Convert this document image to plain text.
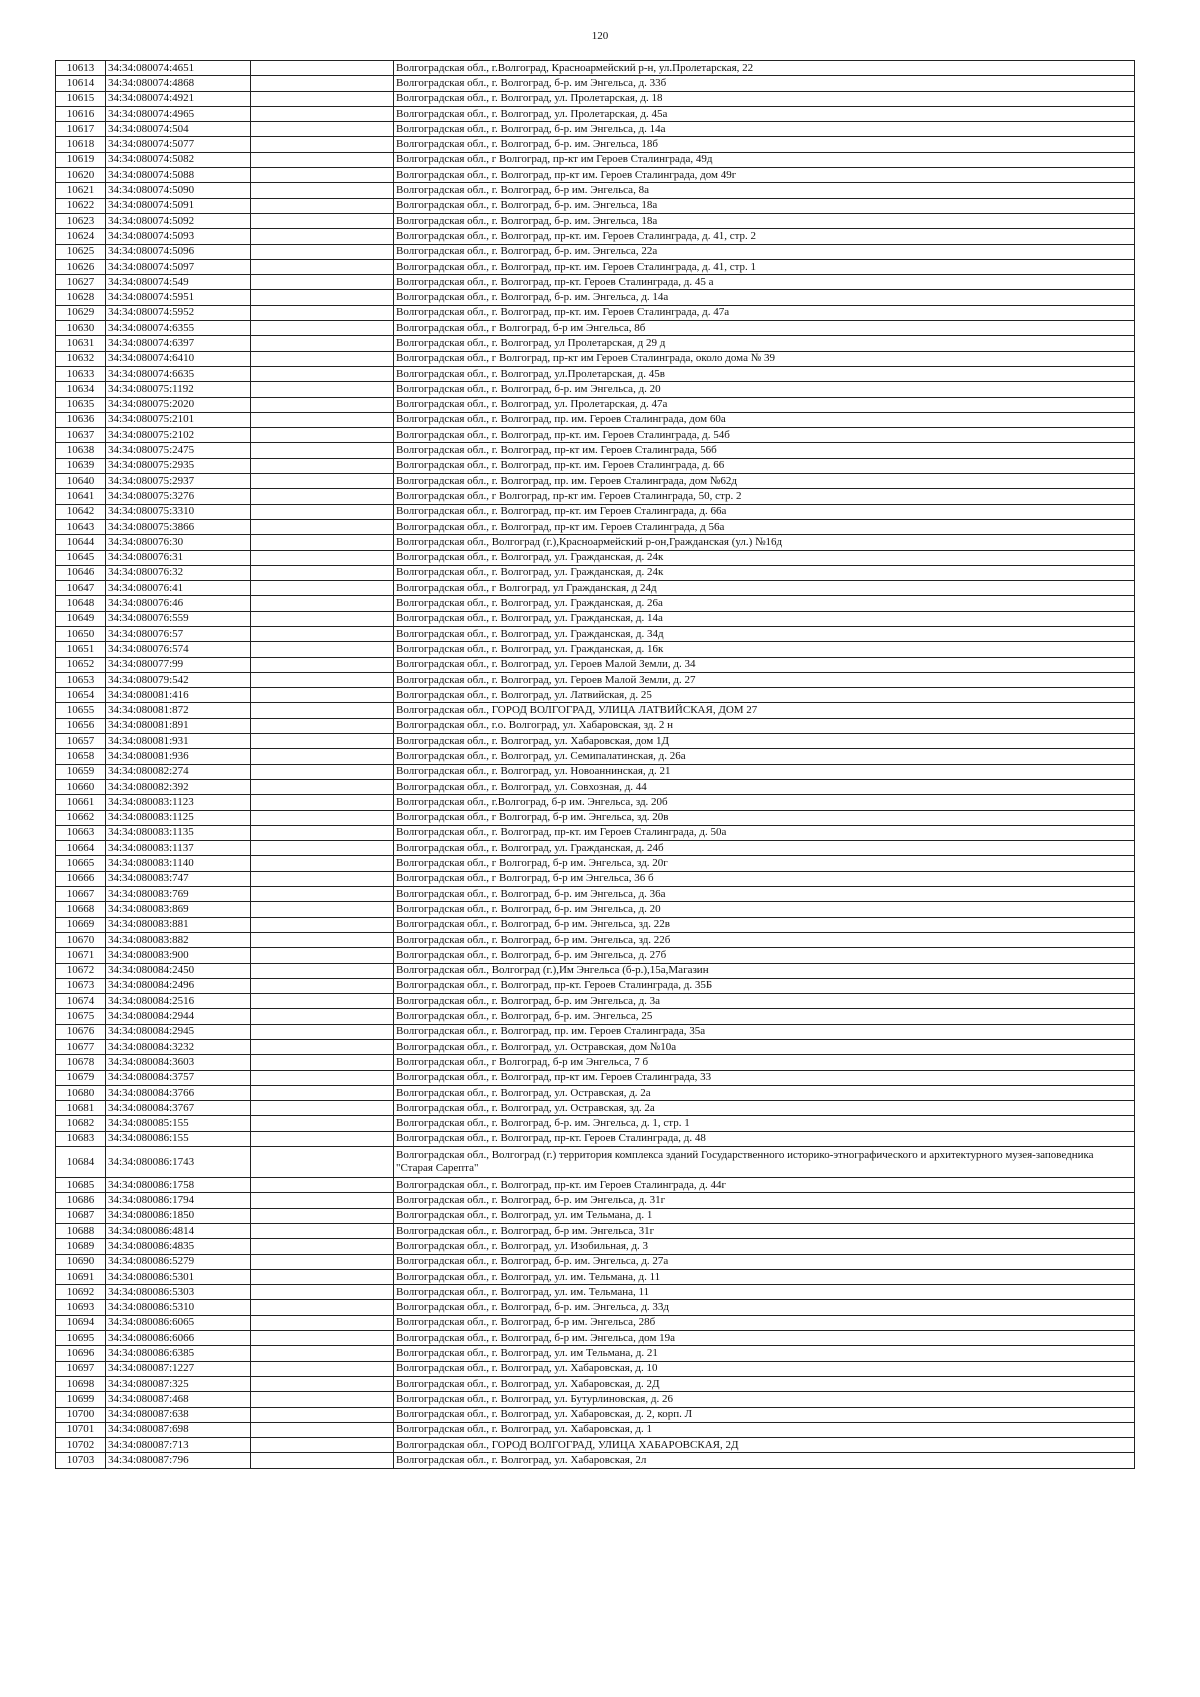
120
10613	34:34:080074:4651		Волгоградская обл., г.Волгоград, Красноармейский р-н, ул.Пролетарская, 22
10614	34:34:080074:4868		Волгоградская обл., г. Волгоград, б-р. им Энгельса, д. 33б
10615	34:34:080074:4921		Волгоградская обл., г. Волгоград, ул. Пролетарская, д. 18
10616	34:34:080074:4965		Волгоградская обл., г. Волгоград, ул. Пролетарская, д. 45а
10617	34:34:080074:504		Волгоградская обл., г. Волгоград, б-р. им Энгельса, д. 14а
10618	34:34:080074:5077		Волгоградская обл., г. Волгоград, б-р. им. Энгельса, 18б
10619	34:34:080074:5082		Волгоградская обл., г Волгоград, пр-кт им Героев Сталинграда, 49д
10620	34:34:080074:5088		Волгоградская обл., г. Волгоград, пр-кт им. Героев Сталинграда, дом 49г
10621	34:34:080074:5090		Волгоградская обл., г. Волгоград, б-р им. Энгельса, 8а
10622	34:34:080074:5091		Волгоградская обл., г. Волгоград, б-р. им. Энгельса, 18а
10623	34:34:080074:5092		Волгоградская обл., г. Волгоград, б-р. им. Энгельса, 18а
10624	34:34:080074:5093		Волгоградская обл., г. Волгоград, пр-кт. им. Героев Сталинграда, д. 41, стр. 2
10625	34:34:080074:5096		Волгоградская обл., г. Волгоград, б-р. им. Энгельса, 22а
10626	34:34:080074:5097		Волгоградская обл., г. Волгоград, пр-кт. им. Героев Сталинграда, д. 41, стр. 1
10627	34:34:080074:549		Волгоградская обл., г. Волгоград, пр-кт. Героев Сталинграда, д. 45 а
10628	34:34:080074:5951		Волгоградская обл., г. Волгоград, б-р. им. Энгельса, д. 14а
10629	34:34:080074:5952		Волгоградская обл., г. Волгоград, пр-кт. им. Героев Сталинграда, д. 47а
10630	34:34:080074:6355		Волгоградская обл., г Волгоград, б-р им Энгельса, 8б
10631	34:34:080074:6397		Волгоградская обл., г. Волгоград, ул Пролетарская, д 29 д
10632	34:34:080074:6410		Волгоградская обл., г Волгоград, пр-кт им Героев Сталинграда, около дома № 39
10633	34:34:080074:6635		Волгоградская обл., г. Волгоград, ул.Пролетарская, д. 45в
10634	34:34:080075:1192		Волгоградская обл., г. Волгоград, б-р. им Энгельса, д. 20
10635	34:34:080075:2020		Волгоградская обл., г. Волгоград, ул. Пролетарская, д. 47а
10636	34:34:080075:2101		Волгоградская обл., г. Волгоград, пр. им. Героев Сталинграда, дом 60а
10637	34:34:080075:2102		Волгоградская обл., г. Волгоград, пр-кт. им. Героев Сталинграда, д. 54б
10638	34:34:080075:2475		Волгоградская обл., г. Волгоград, пр-кт им. Героев Сталинграда, 56б
10639	34:34:080075:2935		Волгоградская обл., г. Волгоград, пр-кт. им. Героев Сталинграда, д. 66
10640	34:34:080075:2937		Волгоградская обл., г. Волгоград, пр. им. Героев Сталинграда, дом №62д
10641	34:34:080075:3276		Волгоградская обл., г Волгоград, пр-кт им. Героев Сталинграда, 50, стр. 2
10642	34:34:080075:3310		Волгоградская обл., г. Волгоград, пр-кт. им Героев Сталинграда, д. 66а
10643	34:34:080075:3866		Волгоградская обл., г. Волгоград, пр-кт им. Героев Сталинграда, д 56а
10644	34:34:080076:30		Волгоградская обл., Волгоград (г.),Красноармейский р-он,Гражданская (ул.) №16д
10645	34:34:080076:31		Волгоградская обл., г. Волгоград, ул. Гражданская, д. 24к
10646	34:34:080076:32		Волгоградская обл., г. Волгоград, ул. Гражданская, д. 24к
10647	34:34:080076:41		Волгоградская обл., г Волгоград, ул Гражданская, д 24д
10648	34:34:080076:46		Волгоградская обл., г. Волгоград, ул. Гражданская, д. 26а
10649	34:34:080076:559		Волгоградская обл., г. Волгоград, ул. Гражданская, д. 14а
10650	34:34:080076:57		Волгоградская обл., г. Волгоград, ул. Гражданская, д. 34д
10651	34:34:080076:574		Волгоградская обл., г. Волгоград, ул. Гражданская, д. 16к
10652	34:34:080077:99		Волгоградская обл., г. Волгоград, ул. Героев Малой Земли, д. 34
10653	34:34:080079:542		Волгоградская обл., г. Волгоград, ул. Героев Малой Земли, д. 27
10654	34:34:080081:416		Волгоградская обл., г. Волгоград, ул. Латвийская, д. 25
10655	34:34:080081:872		Волгоградская обл., ГОРОД ВОЛГОГРАД, УЛИЦА ЛАТВИЙСКАЯ, ДОМ 27
10656	34:34:080081:891		Волгоградская обл., г.о. Волгоград, ул. Хабаровская, зд. 2 н
10657	34:34:080081:931		Волгоградская обл., г. Волгоград, ул. Хабаровская, дом 1Д
10658	34:34:080081:936		Волгоградская обл., г. Волгоград, ул. Семипалатинская, д. 26а
10659	34:34:080082:274		Волгоградская обл., г. Волгоград, ул. Новоаннинская, д. 21
10660	34:34:080082:392		Волгоградская обл., г. Волгоград, ул. Совхозная, д. 44
10661	34:34:080083:1123		Волгоградская обл., г.Волгоград, б-р им. Энгельса, зд. 20б
10662	34:34:080083:1125		Волгоградская обл., г Волгоград, б-р им. Энгельса, зд. 20в
10663	34:34:080083:1135		Волгоградская обл., г. Волгоград, пр-кт. им Героев Сталинграда, д. 50а
10664	34:34:080083:1137		Волгоградская обл., г. Волгоград, ул. Гражданская, д. 24б
10665	34:34:080083:1140		Волгоградская обл., г Волгоград, б-р им. Энгельса, зд. 20г
10666	34:34:080083:747		Волгоградская обл., г Волгоград, б-р им Энгельса, 36 б
10667	34:34:080083:769		Волгоградская обл., г. Волгоград, б-р. им Энгельса, д. 36а
10668	34:34:080083:869		Волгоградская обл., г. Волгоград, б-р. им Энгельса, д. 20
10669	34:34:080083:881		Волгоградская обл., г. Волгоград, б-р им. Энгельса, зд. 22в
10670	34:34:080083:882		Волгоградская обл., г. Волгоград, б-р им. Энгельса, зд. 22б
10671	34:34:080083:900		Волгоградская обл., г. Волгоград, б-р. им Энгельса, д. 27б
10672	34:34:080084:2450		Волгоградская обл., Волгоград (г.),Им Энгельса (б-р.),15а,Магазин
10673	34:34:080084:2496		Волгоградская обл., г. Волгоград, пр-кт. Героев Сталинграда, д. 35Б
10674	34:34:080084:2516		Волгоградская обл., г. Волгоград, б-р. им Энгельса, д. 3а
10675	34:34:080084:2944		Волгоградская обл., г. Волгоград, б-р. им. Энгельса, 25
10676	34:34:080084:2945		Волгоградская обл., г. Волгоград, пр. им. Героев Сталинграда, 35а
10677	34:34:080084:3232		Волгоградская обл., г. Волгоград, ул. Остравская, дом №10а
10678	34:34:080084:3603		Волгоградская обл., г Волгоград, б-р им Энгельса, 7 б
10679	34:34:080084:3757		Волгоградская обл., г. Волгоград, пр-кт им. Героев Сталинграда, 33
10680	34:34:080084:3766		Волгоградская обл., г. Волгоград, ул. Остравская, д. 2а
10681	34:34:080084:3767		Волгоградская обл., г. Волгоград, ул. Остравская, зд. 2а
10682	34:34:080085:155		Волгоградская обл., г. Волгоград, б-р. им. Энгельса, д. 1, стр. 1
10683	34:34:080086:155		Волгоградская обл., г. Волгоград, пр-кт. Героев Сталинграда, д. 48
10684	34:34:080086:1743		Волгоградская обл., Волгоград (г.) территория комплекса зданий Государственного историко-этнографического и архитектурного музея-заповедника "Старая Сарепта"
10685	34:34:080086:1758		Волгоградская обл., г. Волгоград, пр-кт. им Героев Сталинграда, д. 44г
10686	34:34:080086:1794		Волгоградская обл., г. Волгоград, б-р. им Энгельса, д. 31г
10687	34:34:080086:1850		Волгоградская обл., г. Волгоград, ул. им Тельмана, д. 1
10688	34:34:080086:4814		Волгоградская обл., г. Волгоград, б-р им. Энгельса, 31г
10689	34:34:080086:4835		Волгоградская обл., г. Волгоград, ул. Изобильная, д. 3
10690	34:34:080086:5279		Волгоградская обл., г. Волгоград, б-р. им. Энгельса, д. 27а
10691	34:34:080086:5301		Волгоградская обл., г. Волгоград, ул. им. Тельмана, д. 11
10692	34:34:080086:5303		Волгоградская обл., г. Волгоград, ул. им. Тельмана, 11
10693	34:34:080086:5310		Волгоградская обл., г. Волгоград, б-р. им. Энгельса, д. 33д
10694	34:34:080086:6065		Волгоградская обл., г. Волгоград, б-р им. Энгельса, 28б
10695	34:34:080086:6066		Волгоградская обл., г. Волгоград, б-р им. Энгельса, дом 19а
10696	34:34:080086:6385		Волгоградская обл., г. Волгоград, ул. им Тельмана, д. 21
10697	34:34:080087:1227		Волгоградская обл., г. Волгоград, ул. Хабаровская, д. 10
10698	34:34:080087:325		Волгоградская обл., г. Волгоград, ул. Хабаровская, д. 2Д
10699	34:34:080087:468		Волгоградская обл., г. Волгоград, ул. Бутурлиновская, д. 26
10700	34:34:080087:638		Волгоградская обл., г. Волгоград, ул. Хабаровская, д. 2, корп. Л
10701	34:34:080087:698		Волгоградская обл., г. Волгоград, ул. Хабаровская, д. 1
10702	34:34:080087:713		Волгоградская обл., ГОРОД ВОЛГОГРАД, УЛИЦА ХАБАРОВСКАЯ, 2Д
10703	34:34:080087:796		Волгоградская обл., г. Волгоград, ул. Хабаровская, 2л
